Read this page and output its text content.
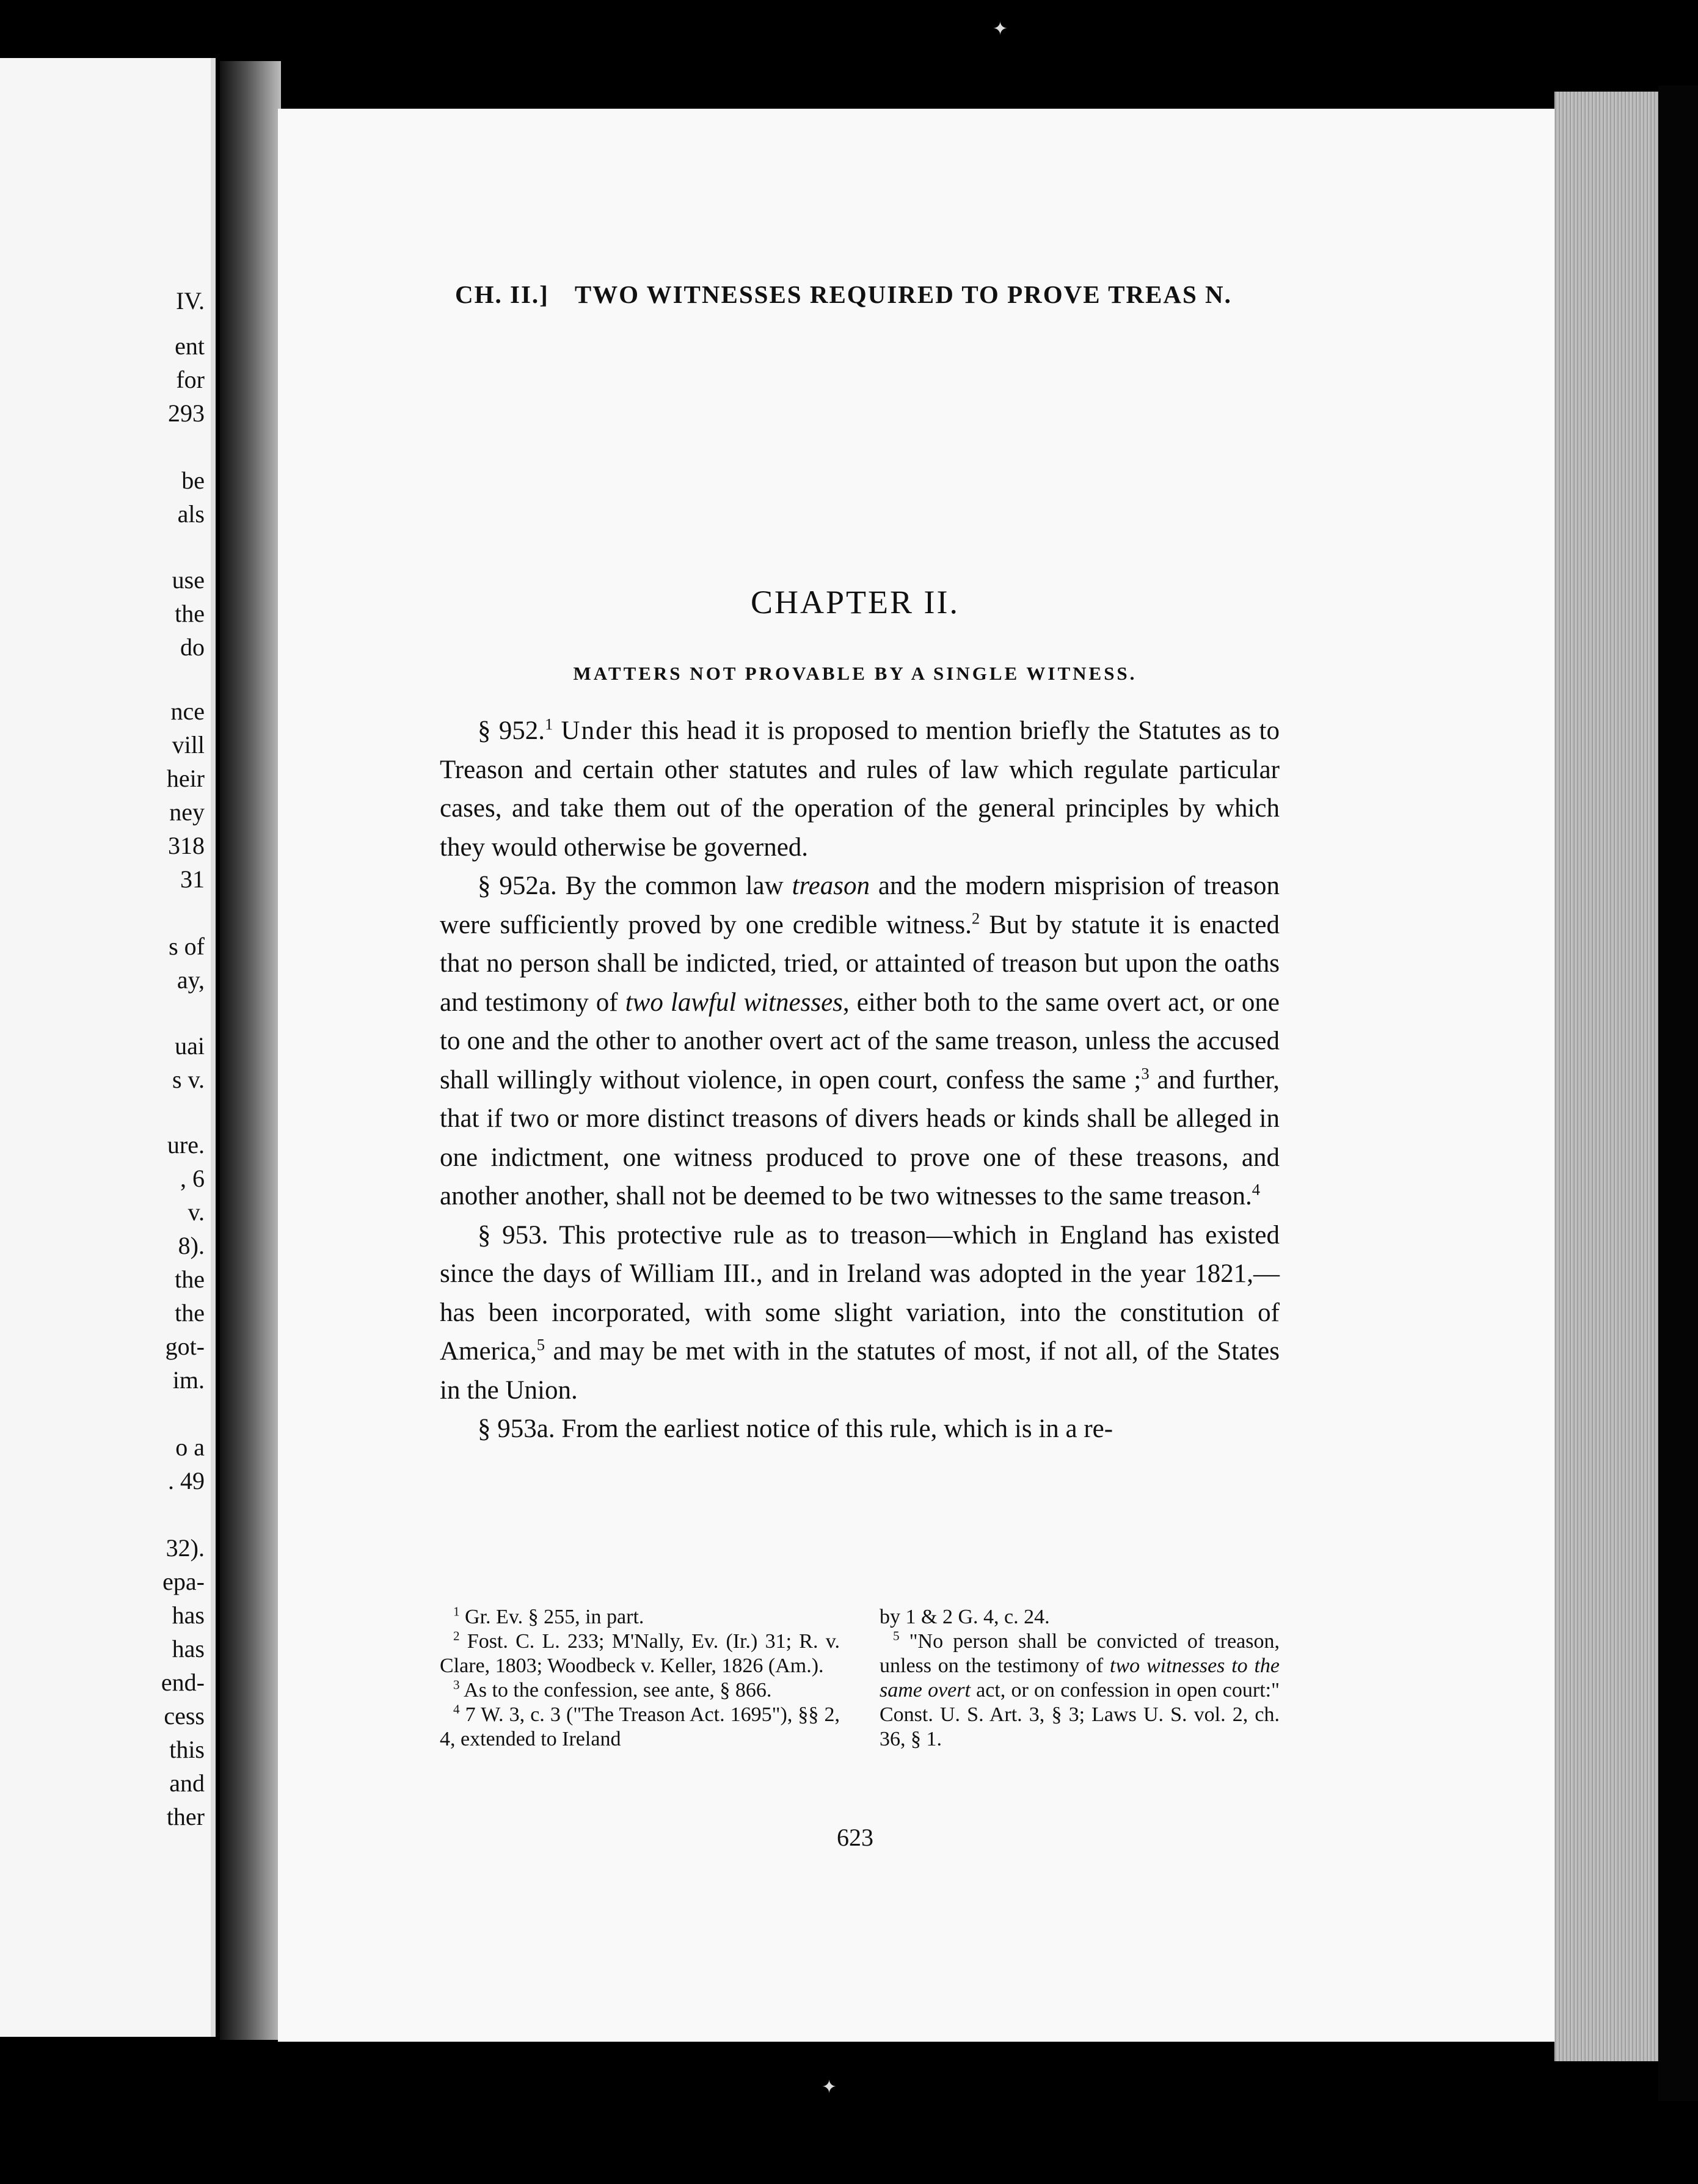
IV.

ent

for

293

be

als

use

the

do

nce

vill

heir

ney

318

31

s of

ay,

uai

s v.

ure.

, 6

v.

8).

the

the

got-

im.

o a

. 49

32).

epa-

has

has

end-

cess

this

and

ther

✦
✦
CH. II.] TWO WITNESSES REQUIRED TO PROVE TREAS N.
CHAPTER II.
MATTERS NOT PROVABLE BY A SINGLE WITNESS.

§ 952.$^1$ Under this head it is proposed to mention briefly the Statutes as to Treason and certain other statutes and rules of law which regulate particular cases, and take them out of the operation of the general principles by which they would otherwise be governed.

§ 952a. By the common law treason and the modern misprision of treason were sufficiently proved by one credible witness.$^2$ But by statute it is enacted that no person shall be indicted, tried, or attainted of treason but upon the oaths and testimony of two lawful witnesses, either both to the same overt act, or one to one and the other to another overt act of the same treason, unless the accused shall willingly without violence, in open court, confess the same ;$^3$ and further, that if two or more distinct treasons of divers heads or kinds shall be alleged in one indictment, one witness produced to prove one of these treasons, and another another, shall not be deemed to be two witnesses to the same treason.$^4$

§ 953. This protective rule as to treason—which in England has existed since the days of William III., and in Ireland was adopted in the year 1821,—has been incorporated, with some slight variation, into the constitution of America,$^5$ and may be met with in the statutes of most, if not all, of the States in the Union.

§ 953a. From the earliest notice of this rule, which is in a re-

$^1$ Gr. Ev. § 255, in part.

$^2$ Fost. C. L. 233; M'Nally, Ev. (Ir.) 31; R. v. Clare, 1803; Woodbeck v. Keller, 1826 (Am.).

$^3$ As to the confession, see ante, § 866.

$^4$ 7 W. 3, c. 3 ("The Treason Act. 1695"), §§ 2, 4, extended to Ireland

by 1 & 2 G. 4, c. 24.

$^5$ "No person shall be convicted of treason, unless on the testimony of two witnesses to the same overt act, or on confession in open court:" Const. U. S. Art. 3, § 3; Laws U. S. vol. 2, ch. 36, § 1.

623
